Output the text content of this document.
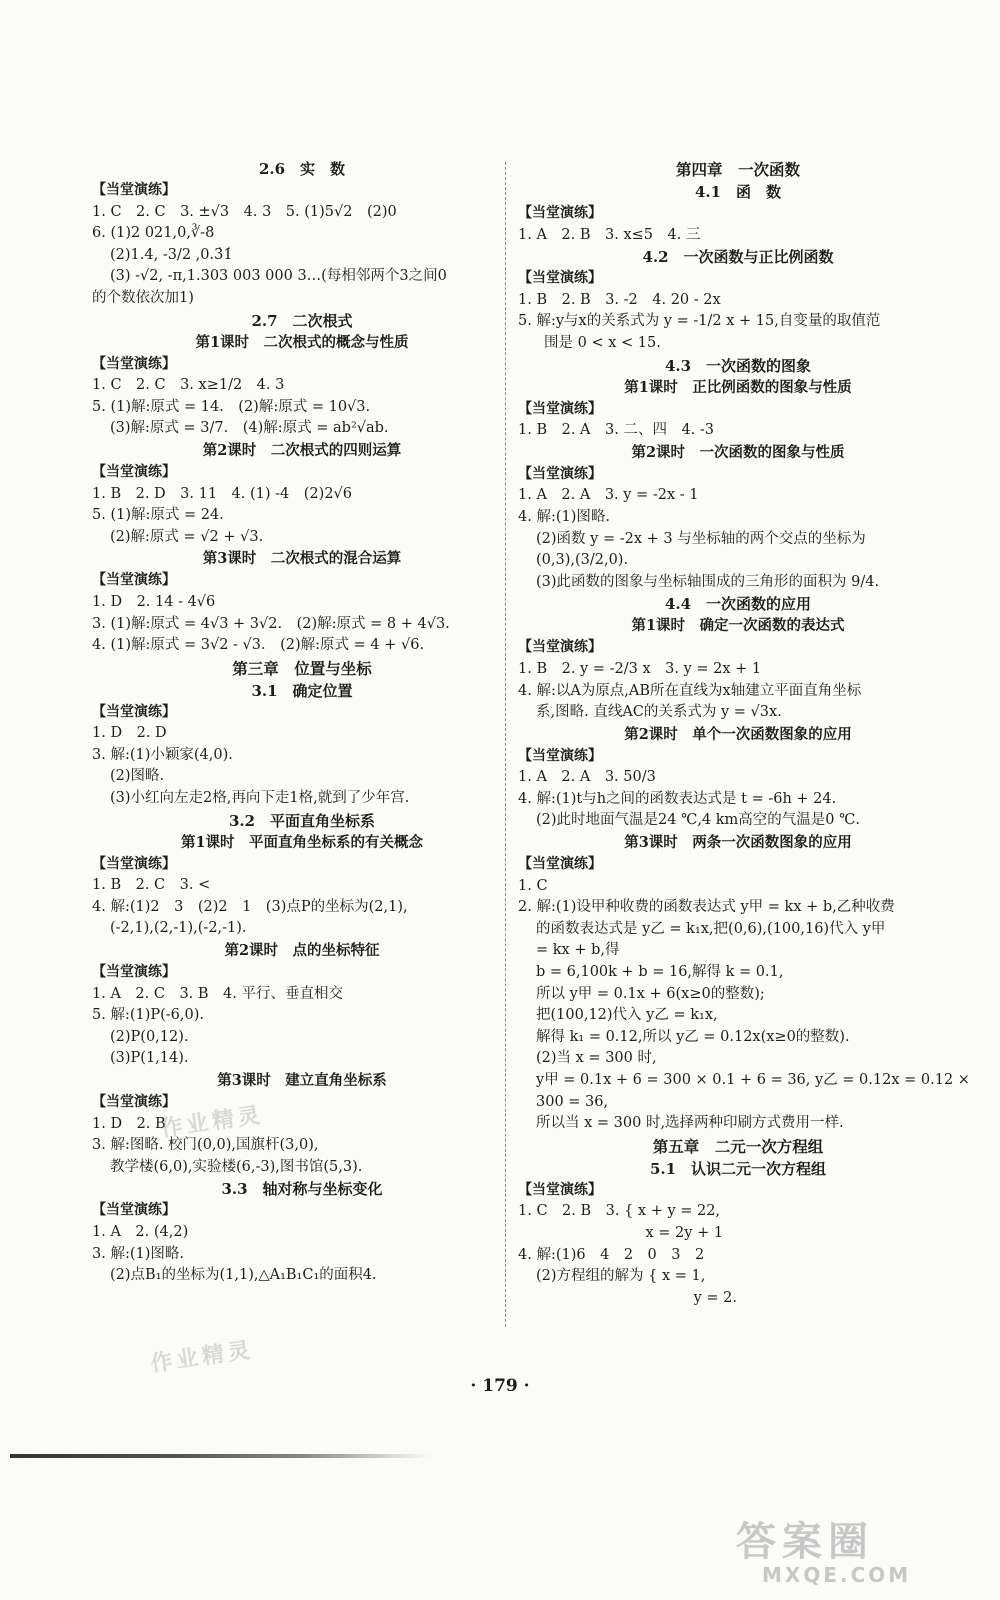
2.6　实　数
【当堂演练】
1. C　2. C　3. ±√3　4. 3　5. (1)5√2　(2)0
6. (1)2 021,0,∛-8
(2)1.4, -3/2 ,0.3̇1̇
(3) -√2, -π,1.303 003 000 3…(每相邻两个3之间0
的个数依次加1)
2.7　二次根式
第1课时　二次根式的概念与性质
【当堂演练】
1. C　2. C　3. x≥1/2　4. 3
5. (1)解:原式 = 14.　(2)解:原式 = 10√3.
(3)解:原式 = 3/7.　(4)解:原式 = ab²√ab.
第2课时　二次根式的四则运算
【当堂演练】
1. B　2. D　3. 11　4. (1) -4　(2)2√6
5. (1)解:原式 = 24.
(2)解:原式 = √2 + √3.
第3课时　二次根式的混合运算
【当堂演练】
1. D　2. 14 - 4√6
3. (1)解:原式 = 4√3 + 3√2.　(2)解:原式 = 8 + 4√3.
4. (1)解:原式 = 3√2 - √3.　(2)解:原式 = 4 + √6.
第三章　位置与坐标
3.1　确定位置
【当堂演练】
1. D　2. D
3. 解:(1)小颖家(4,0).
(2)图略.
(3)小红向左走2格,再向下走1格,就到了少年宫.
3.2　平面直角坐标系
第1课时　平面直角坐标系的有关概念
【当堂演练】
1. B　2. C　3. <
4. 解:(1)2　3　(2)2　1　(3)点P的坐标为(2,1),
(-2,1),(2,-1),(-2,-1).
第2课时　点的坐标特征
【当堂演练】
1. A　2. C　3. B　4. 平行、垂直相交
5. 解:(1)P(-6,0).
(2)P(0,12).
(3)P(1,14).
第3课时　建立直角坐标系
【当堂演练】
1. D　2. B
3. 解:图略. 校门(0,0),国旗杆(3,0),
教学楼(6,0),实验楼(6,-3),图书馆(5,3).
3.3　轴对称与坐标变化
【当堂演练】
1. A　2. (4,2)
3. 解:(1)图略.
(2)点B₁的坐标为(1,1),△A₁B₁C₁的面积4.
第四章　一次函数
4.1　函　数
【当堂演练】
1. A　2. B　3. x≤5　4. 三
4.2　一次函数与正比例函数
【当堂演练】
1. B　2. B　3. -2　4. 20 - 2x
5. 解:y与x的关系式为 y = -1/2 x + 15,自变量的取值范
围是 0 < x < 15.
4.3　一次函数的图象
第1课时　正比例函数的图象与性质
【当堂演练】
1. B　2. A　3. 二、四　4. -3
第2课时　一次函数的图象与性质
【当堂演练】
1. A　2. A　3. y = -2x - 1
4. 解:(1)图略.
(2)函数 y = -2x + 3 与坐标轴的两个交点的坐标为
(0,3),(3/2,0).
(3)此函数的图象与坐标轴围成的三角形的面积为 9/4.
4.4　一次函数的应用
第1课时　确定一次函数的表达式
【当堂演练】
1. B　2. y = -2/3 x　3. y = 2x + 1
4. 解:以A为原点,AB所在直线为x轴建立平面直角坐标
系,图略. 直线AC的关系式为 y = √3x.
第2课时　单个一次函数图象的应用
【当堂演练】
1. A　2. A　3. 50/3
4. 解:(1)t与h之间的函数表达式是 t = -6h + 24.
(2)此时地面气温是24 ℃,4 km高空的气温是0 ℃.
第3课时　两条一次函数图象的应用
【当堂演练】
1. C
2. 解:(1)设甲种收费的函数表达式 y甲 = kx + b,乙种收费
的函数表达式是 y乙 = k₁x,把(0,6),(100,16)代入 y甲
= kx + b,得
b = 6,100k + b = 16,解得 k = 0.1,
所以 y甲 = 0.1x + 6(x≥0的整数);
把(100,12)代入 y乙 = k₁x,
解得 k₁ = 0.12,所以 y乙 = 0.12x(x≥0的整数).
(2)当 x = 300 时,
y甲 = 0.1x + 6 = 300 × 0.1 + 6 = 36, y乙 = 0.12x = 0.12 ×
300 = 36,
所以当 x = 300 时,选择两种印刷方式费用一样.
第五章　二元一次方程组
5.1　认识二元一次方程组
【当堂演练】
1. C　2. B　3. { x + y = 22,
　　　　　　　x = 2y + 1
4. 解:(1)6　4　2　0　3　2
(2)方程组的解为 { x = 1,
　　　　　　　　　　 y = 2.
作业精灵
作业精灵
· 179 ·
答案圈
MXQE.COM
